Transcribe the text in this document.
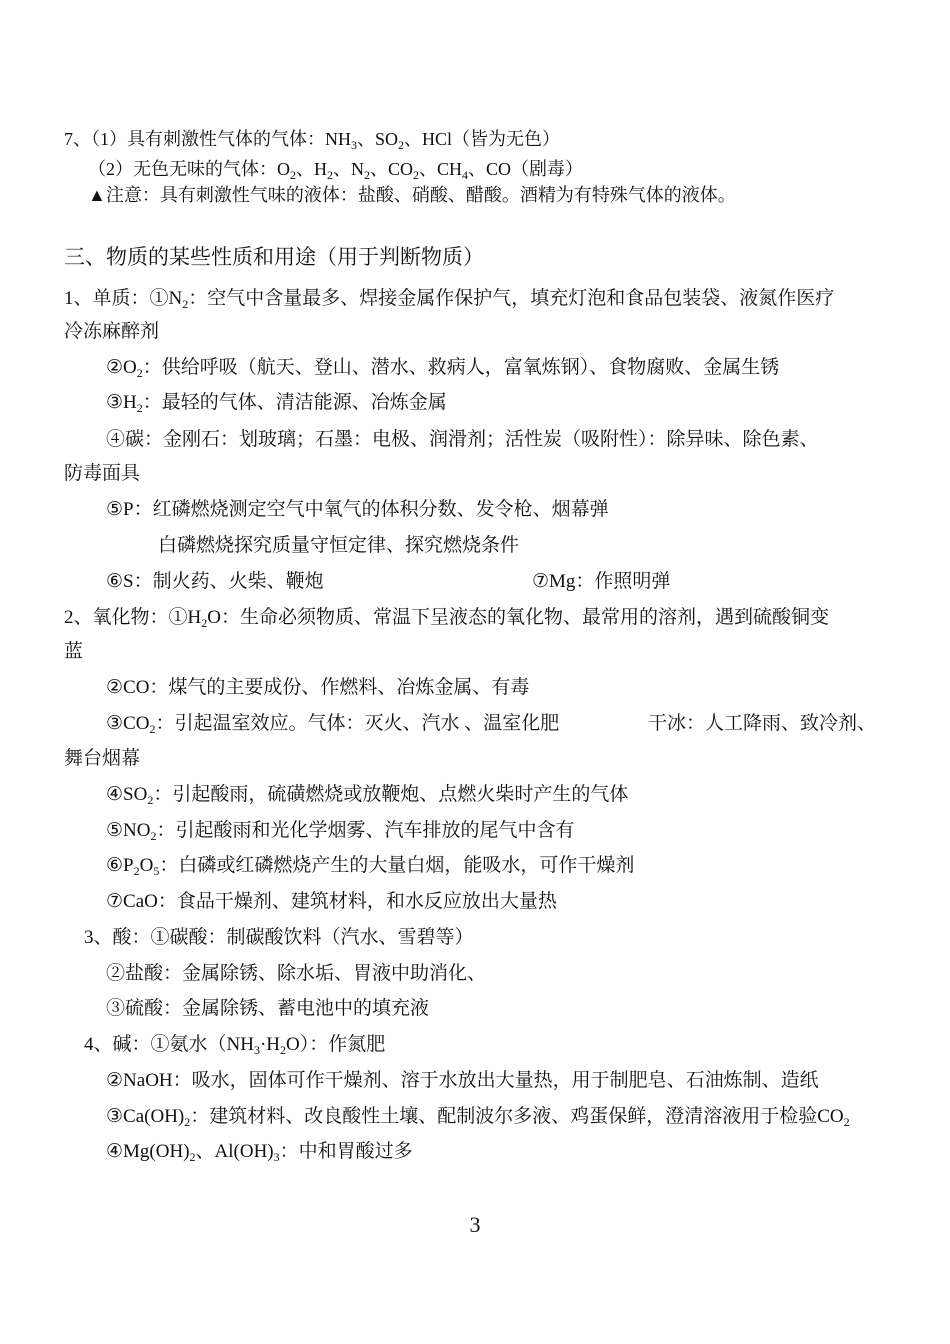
7、（1）具有刺激性气体的气体：$NH_3$、$SO_2$、HCl（皆为无色）
（2）无色无味的气体：$O_2$、$H_2$、$N_2$、$CO_2$、$CH_4$、CO（剧毒）
▲注意：具有刺激性气味的液体：盐酸、硝酸、醋酸。酒精为有特殊气体的液体。
三、物质的某些性质和用途（用于判断物质）
1、单质：$①N_2$：空气中含量最多、焊接金属作保护气，填充灯泡和食品包装袋、液氮作医疗
冷冻麻醉剂
$②O_2$：供给呼吸（航天、登山、潜水、救病人，富氧炼钢）、食物腐败、金属生锈
$③H_2$：最轻的气体、清洁能源、冶炼金属
④碳：金刚石：划玻璃；石墨：电极、润滑剂；活性炭（吸附性）：除异味、除色素、
防毒面具
⑤P：红磷燃烧测定空气中氧气的体积分数、发令枪、烟幕弹
白磷燃烧探究质量守恒定律、探究燃烧条件
⑥S：制火药、火柴、鞭炮	⑦Mg：作照明弹
2、氧化物：$①H_2O$：生命必须物质、常温下呈液态的氧化物、最常用的溶剂，遇到硫酸铜变
蓝
②CO：煤气的主要成份、作燃料、冶炼金属、有毒
$③CO_2$：引起温室效应。气体：灭火、汽水 、温室化肥	干冰：人工降雨、致冷剂、
舞台烟幕
$④SO_2$：引起酸雨，硫磺燃烧或放鞭炮、点燃火柴时产生的气体
$⑤NO_2$：引起酸雨和光化学烟雾、汽车排放的尾气中含有
$⑥P_2O_5$：白磷或红磷燃烧产生的大量白烟，能吸水，可作干燥剂
⑦CaO：食品干燥剂、建筑材料，和水反应放出大量热
3、酸：①碳酸：制碳酸饮料（汽水、雪碧等）
②盐酸：金属除锈、除水垢、胃液中助消化、
③硫酸：金属除锈、蓄电池中的填充液
4、碱：①氨水$(NH_3\cdot H_2O)$：作氮肥
②NaOH：吸水，固体可作干燥剂、溶于水放出大量热，用于制肥皂、石油炼制、造纸
$③Ca(OH)_2$：建筑材料、改良酸性土壤、配制波尔多液、鸡蛋保鲜，澄清溶液用于检验$CO_2$
$④Mg(OH)_2$、$Al(OH)_3$：中和胃酸过多
3
